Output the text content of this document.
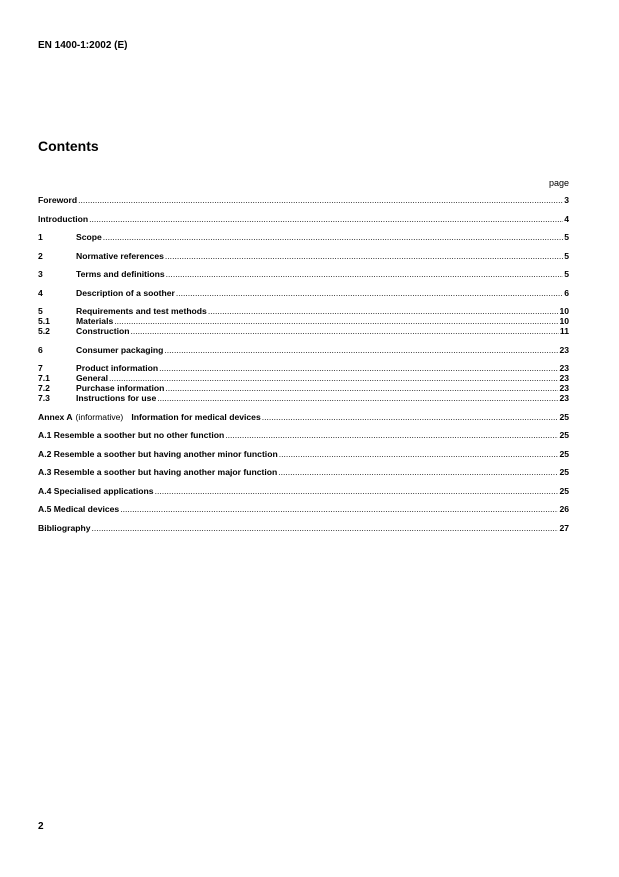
EN 1400-1:2002 (E)
Contents
page
Foreword .....	3
Introduction .....	4
1	Scope .....	5
2	Normative references .....	5
3	Terms and definitions .....	5
4	Description of a soother .....	6
5	Requirements and test methods .....	10
5.1	Materials .....	10
5.2	Construction .....	11
6	Consumer packaging .....	23
7	Product information .....	23
7.1	General .....	23
7.2	Purchase information .....	23
7.3	Instructions for use .....	23
Annex A (informative) Information for medical devices .....	25
A.1 Resemble a soother but no other function .....	25
A.2 Resemble a soother but having another minor function .....	25
A.3 Resemble a soother but having another major function .....	25
A.4 Specialised applications .....	25
A.5 Medical devices .....	26
Bibliography .....	27
2
